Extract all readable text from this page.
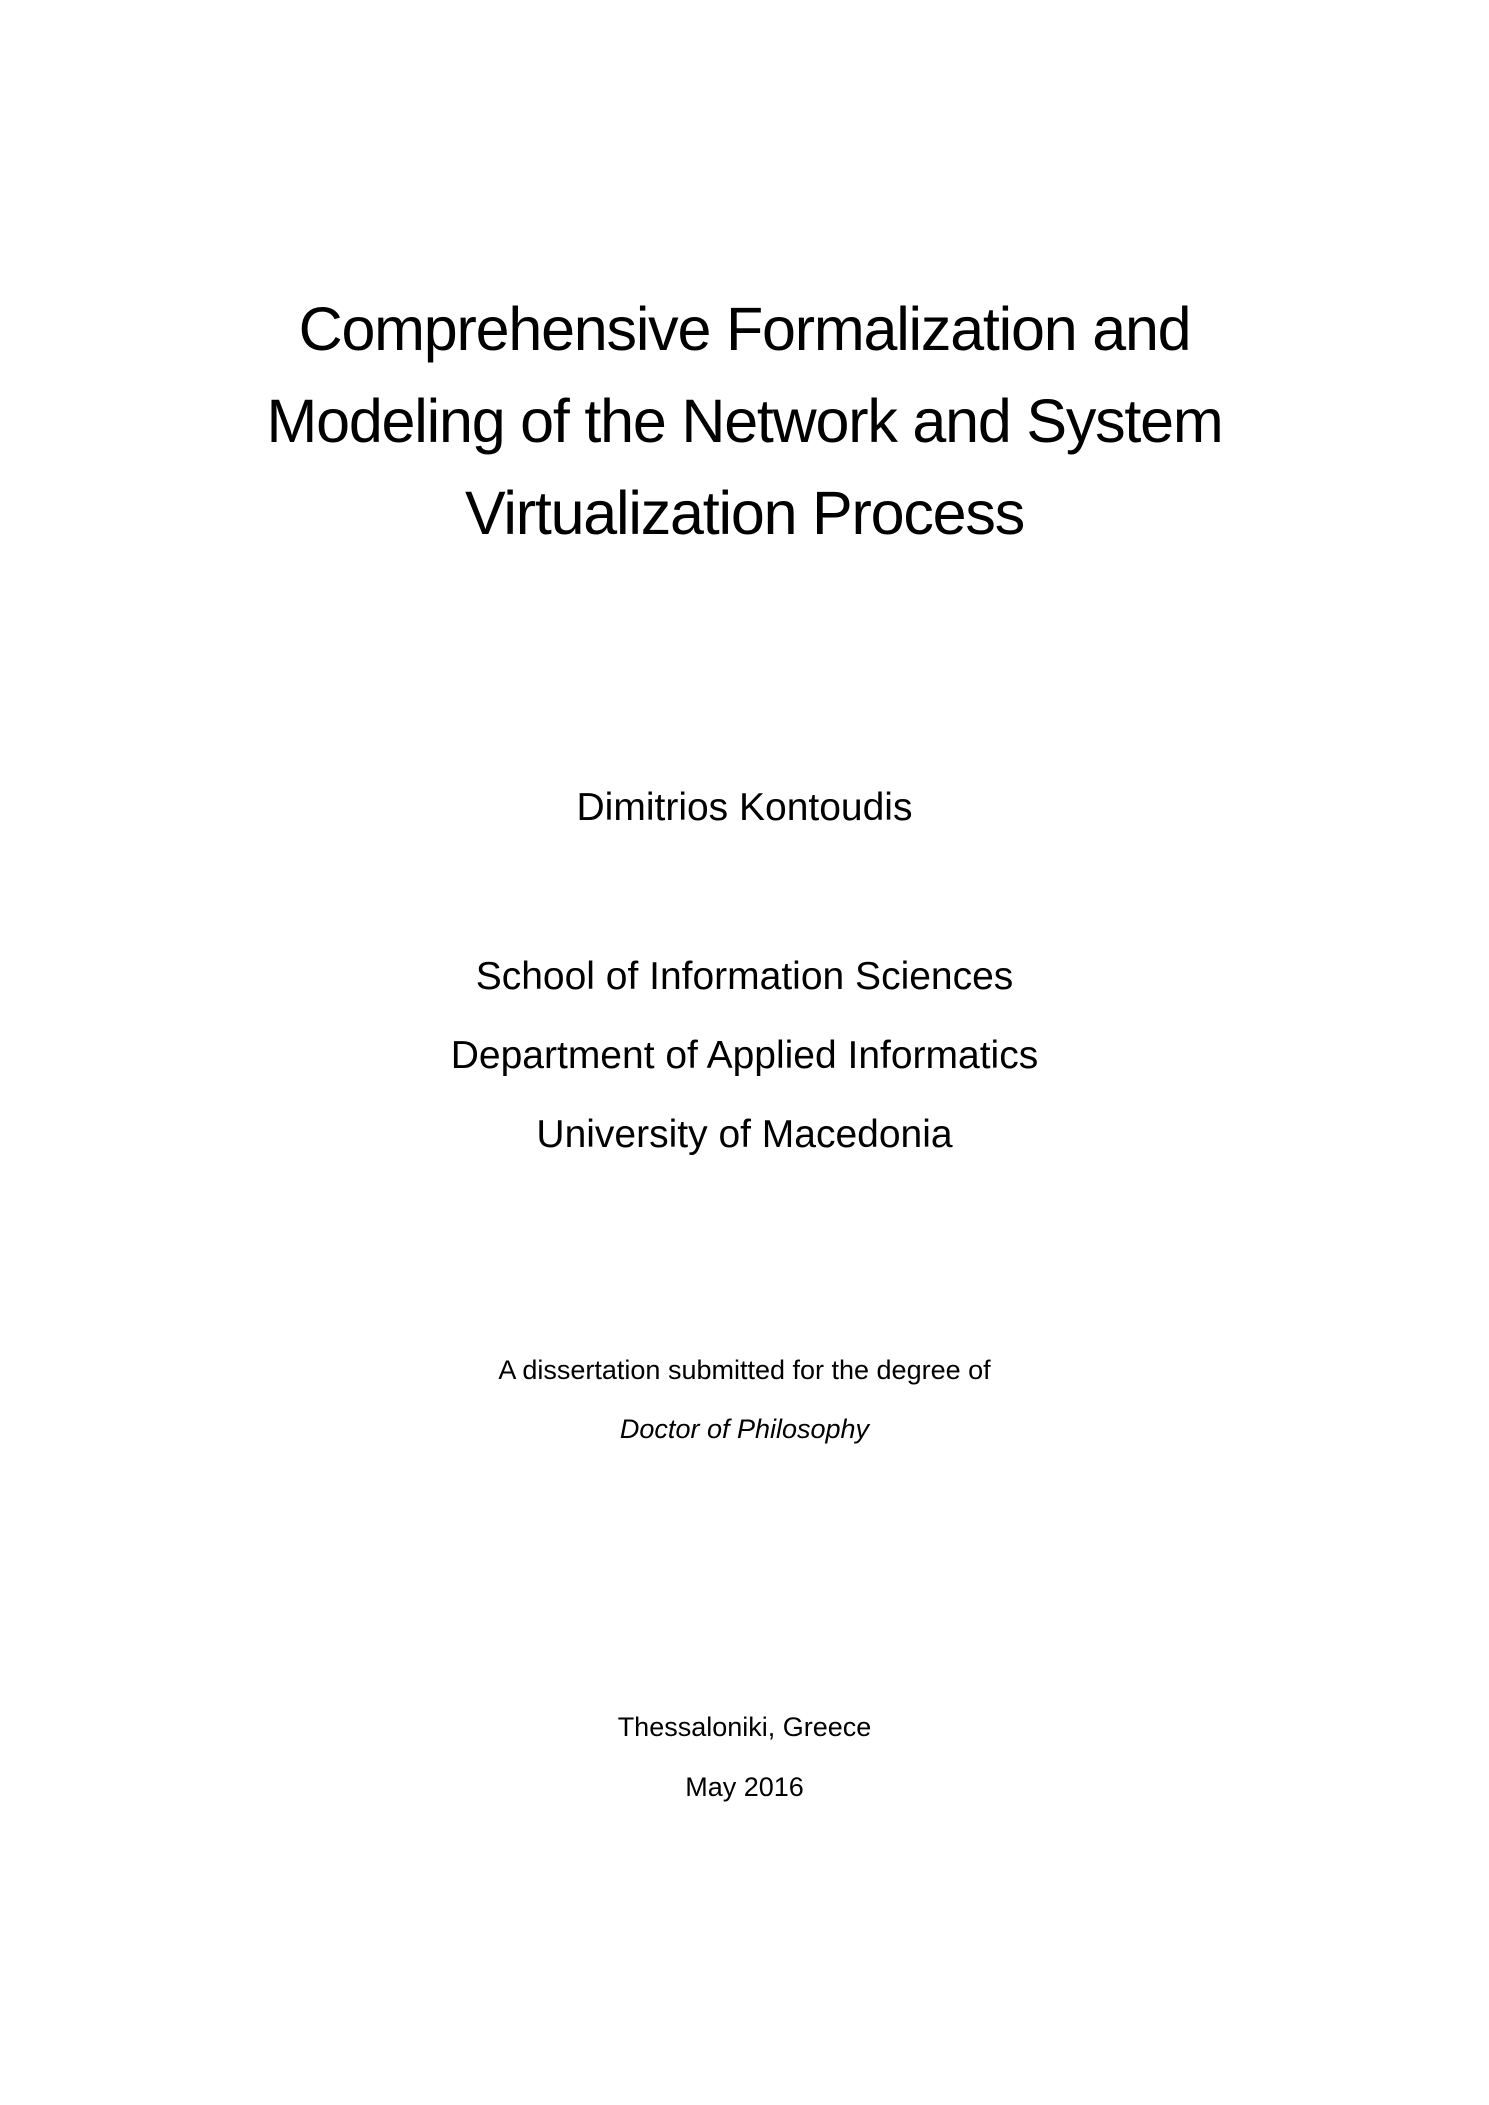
Comprehensive Formalization and
Modeling of the Network and System
Virtualization Process
Dimitrios Kontoudis
School of Information Sciences
Department of Applied Informatics
University of Macedonia
A dissertation submitted for the degree of
Doctor of Philosophy
Thessaloniki, Greece
May 2016
